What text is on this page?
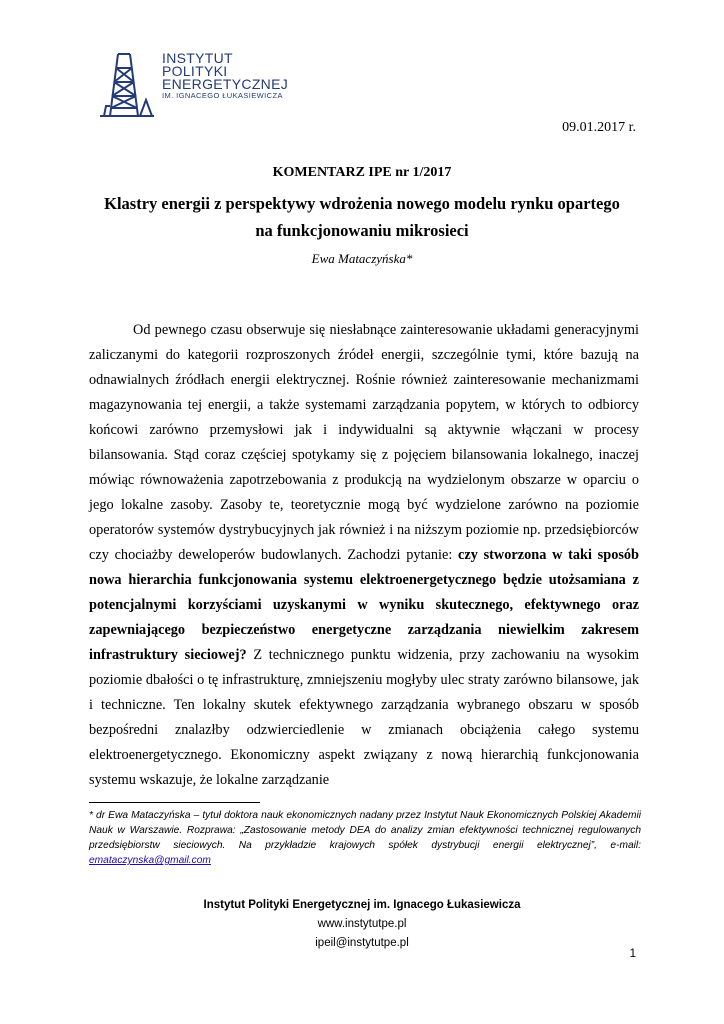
INSTYTUT
POLITYKI
ENERGETYCZNEJ
IM. IGNACEGO ŁUKASIEWICZA
09.01.2017 r.
KOMENTARZ IPE nr 1/2017
Klastry energii z perspektywy wdrożenia nowego modelu rynku opartego
na funkcjonowaniu mikrosieci
Ewa Mataczyńska*
Od pewnego czasu obserwuje się niesłabnące zainteresowanie układami generacyjnymi zaliczanymi do kategorii rozproszonych źródeł energii, szczególnie tymi, które bazują na odnawialnych źródłach energii elektrycznej. Rośnie również zainteresowanie mechanizmami magazynowania tej energii, a także systemami zarządzania popytem, w których to odbiorcy końcowi zarówno przemysłowi jak i indywidualni są aktywnie włączani w procesy bilansowania. Stąd coraz częściej spotykamy się z pojęciem bilansowania lokalnego, inaczej mówiąc równoważenia zapotrzebowania z produkcją na wydzielonym obszarze w oparciu o jego lokalne zasoby. Zasoby te, teoretycznie mogą być wydzielone zarówno na poziomie operatorów systemów dystrybucyjnych jak również i na niższym poziomie np. przedsiębiorców czy chociażby deweloperów budowlanych. Zachodzi pytanie: czy stworzona w taki sposób nowa hierarchia funkcjonowania systemu elektroenergetycznego będzie utożsamiana z potencjalnymi korzyściami uzyskanymi w wyniku skutecznego, efektywnego oraz zapewniającego bezpieczeństwo energetyczne zarządzania niewielkim zakresem infrastruktury sieciowej? Z technicznego punktu widzenia, przy zachowaniu na wysokim poziomie dbałości o tę infrastrukturę, zmniejszeniu mogłyby ulec straty zarówno bilansowe, jak i techniczne. Ten lokalny skutek efektywnego zarządzania wybranego obszaru w sposób bezpośredni znalazłby odzwierciedlenie w zmianach obciążenia całego systemu elektroenergetycznego. Ekonomiczny aspekt związany z nową hierarchią funkcjonowania systemu wskazuje, że lokalne zarządzanie
* dr Ewa Mataczyńska – tytuł doktora nauk ekonomicznych nadany przez Instytut Nauk Ekonomicznych Polskiej Akademii Nauk w Warszawie. Rozprawa: „Zastosowanie metody DEA do analizy zmian efektywności technicznej regulowanych przedsiębiorstw sieciowych. Na przykładzie krajowych spółek dystrybucji energii elektrycznej”, e-mail: emataczynska@gmail.com
Instytut Polityki Energetycznej im. Ignacego Łukasiewicza
www.instytutpe.pl
ipeil@instytutpe.pl
1
